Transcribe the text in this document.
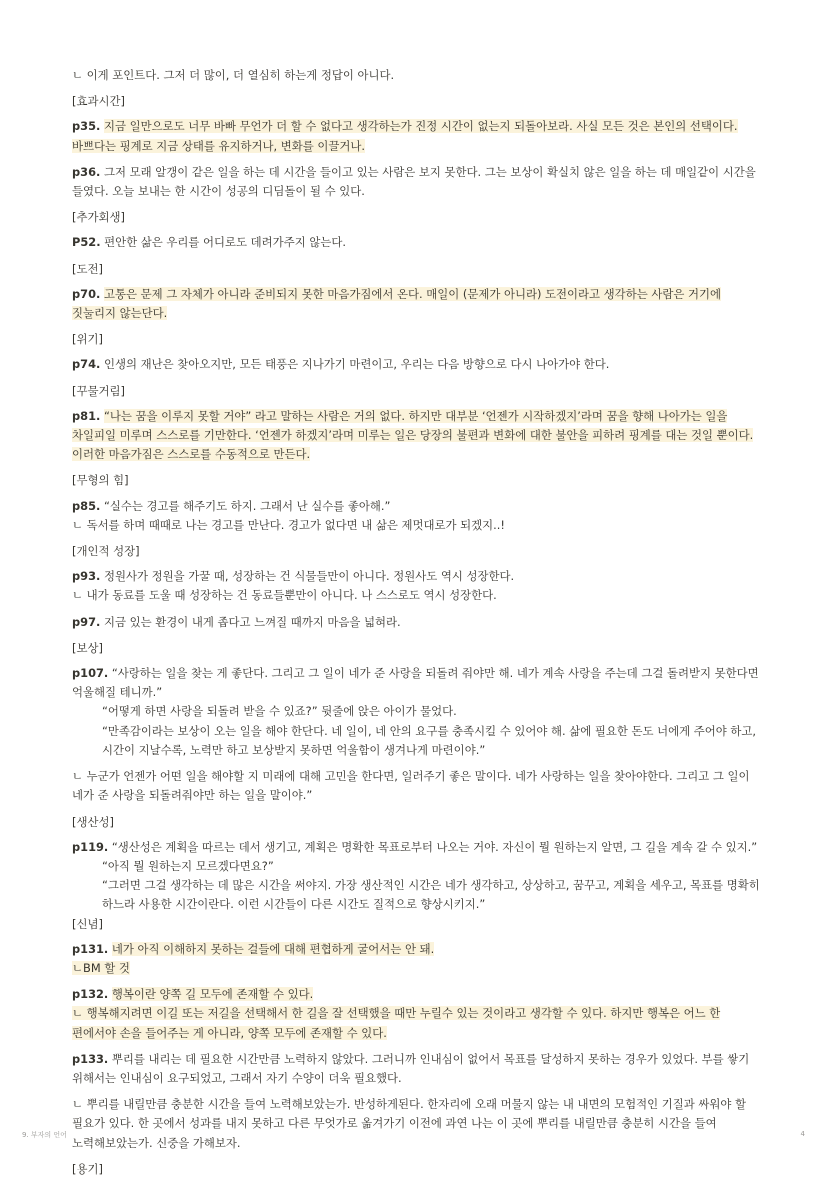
ㄴ 이게 포인트다. 그저 더 많이, 더 열심히 하는게 정답이 아니다.

[효과시간]

p35. 지금 일만으로도 너무 바빠 무언가 더 할 수 없다고 생각하는가 진정 시간이 없는지 되돌아보라. 사실 모든 것은 본인의 선택이다. 바쁘다는 핑계로 지금 상태를 유지하거나, 변화를 이끌거나.

p36. 그저 모래 알갱이 같은 일을 하는 데 시간을 들이고 있는 사람은 보지 못한다. 그는 보상이 확실치 않은 일을 하는 데 매일같이 시간을 들였다. 오늘 보내는 한 시간이 성공의 디딤돌이 될 수 있다.

[추가회생]

P52. 편안한 삶은 우리를 어디로도 데려가주지 않는다.

[도전]

p70. 고통은 문제 그 자체가 아니라 준비되지 못한 마음가짐에서 온다. 매일이 (문제가 아니라) 도전이라고 생각하는 사람은 거기에 짓눌리지 않는단다.

[위기]

p74. 인생의 재난은 찾아오지만, 모든 태풍은 지나가기 마련이고, 우리는 다음 방향으로 다시 나아가야 한다.

[꾸물거림]

p81. “나는 꿈을 이루지 못할 거야” 라고 말하는 사람은 거의 없다. 하지만 대부분 ‘언젠가 시작하겠지’라며 꿈을 향해 나아가는 일을 차일피일 미루며 스스로를 기만한다. ‘언젠가 하겠지’라며 미루는 일은 당장의 불편과 변화에 대한 불안을 피하려 핑계를 대는 것일 뿐이다. 이러한 마음가짐은 스스로를 수동적으로 만든다.

[무형의 힘]

p85. “실수는 경고를 해주기도 하지. 그래서 난 실수를 좋아해.”

ㄴ 독서를 하며 때때로 나는 경고를 만난다. 경고가 없다면 내 삶은 제멋대로가 되겠지..!

[개인적 성장]

p93. 정원사가 정원을 가꿀 때, 성장하는 건 식물들만이 아니다. 정원사도 역시 성장한다.

ㄴ 내가 동료를 도울 때 성장하는 건 동료들뿐만이 아니다. 나 스스로도 역시 성장한다.

p97. 지금 있는 환경이 내게 좁다고 느껴질 때까지 마음을 넓혀라.

[보상]

p107. “사랑하는 일을 찾는 게 좋단다. 그리고 그 일이 네가 준 사랑을 되돌려 줘야만 해. 네가 계속 사랑을 주는데 그걸 돌려받지 못한다면 억울해질 테니까.”

“어떻게 하면 사랑을 되돌려 받을 수 있죠?” 뒷줄에 앉은 아이가 물었다.

“만족감이라는 보상이 오는 일을 해야 한단다. 네 일이, 네 안의 요구를 충족시킬 수 있어야 해. 삶에 필요한 돈도 너에게 주어야 하고, 시간이 지날수록, 노력만 하고 보상받지 못하면 억울함이 생겨나게 마련이야.”

ㄴ 누군가 언젠가 어떤 일을 해야할 지 미래에 대해 고민을 한다면, 일러주기 좋은 말이다. 네가 사랑하는 일을 찾아야한다. 그리고 그 일이 네가 준 사랑을 되돌려줘야만 하는 일을 말이야.”

[생산성]

p119. “생산성은 계획을 따르는 데서 생기고, 계획은 명확한 목표로부터 나오는 거야. 자신이 뭘 원하는지 알면, 그 길을 계속 갈 수 있지.”

“아직 뭘 원하는지 모르겠다면요?”

“그러면 그걸 생각하는 데 많은 시간을 써야지. 가장 생산적인 시간은 네가 생각하고, 상상하고, 꿈꾸고, 계획을 세우고, 목표를 명확히 하느라 사용한 시간이란다. 이런 시간들이 다른 시간도 질적으로 향상시키지.”

[신념]

p131. 네가 아직 이해하지 못하는 걸들에 대해 편협하게 굴어서는 안 돼.

ㄴBM 할 것

p132. 행복이란 양쪽 길 모두에 존재할 수 있다.

ㄴ 행복해지려면 이길 또는 저길을 선택해서 한 길을 잘 선택했을 때만 누릴수 있는 것이라고 생각할 수 있다. 하지만 행복은 어느 한 편에서야 손을 들어주는 게 아니라, 양쪽 모두에 존재할 수 있다.

p133. 뿌리를 내리는 데 필요한 시간만큼 노력하지 않았다. 그러니까 인내심이 없어서 목표를 달성하지 못하는 경우가 있었다. 부를 쌓기 위해서는 인내심이 요구되었고, 그래서 자기 수양이 더욱 필요했다.

ㄴ 뿌리를 내릴만큼 충분한 시간을 들여 노력해보았는가. 반성하게된다. 한자리에 오래 머물지 않는 내 내면의 모험적인 기질과 싸워야 할 필요가 있다. 한 곳에서 성과를 내지 못하고 다른 무엇가로 옮겨가기 이전에 과연 나는 이 곳에 뿌리를 내릴만큼 충분히 시간을 들여 노력해보았는가. 신중을 가해보자.

[용기]

9. 부자의 언어	4
